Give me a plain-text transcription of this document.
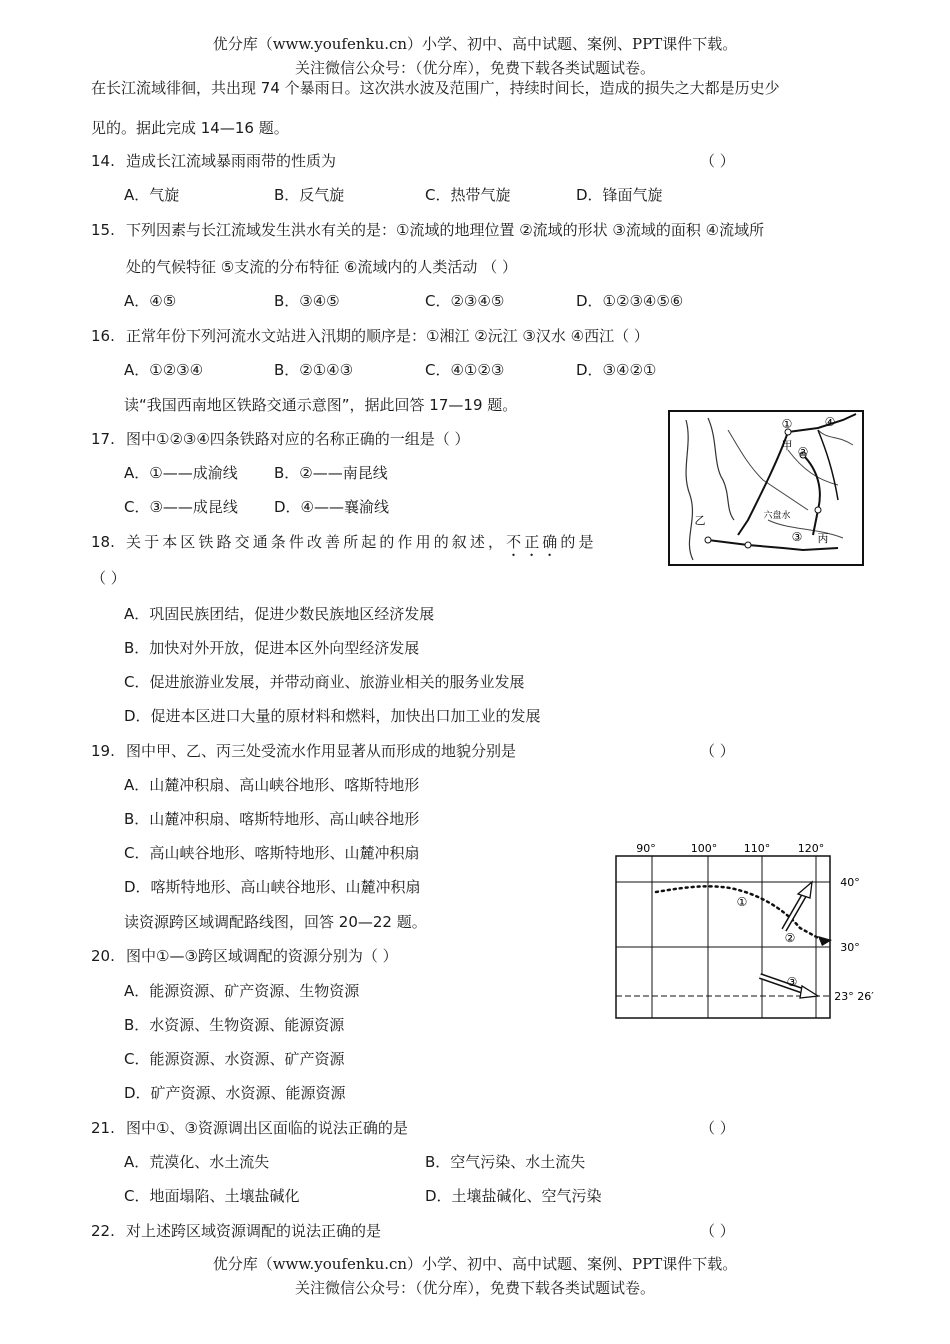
优分库（www.youfenku.cn）小学、初中、高中试题、案例、PPT课件下载。
关注微信公众号：（优分库），免费下载各类试题试卷。
在长江流域徘徊，共出现 74 个暴雨日。这次洪水波及范围广，持续时间长，造成的损失之大都是历史少
见的。据此完成 14—16 题。
14. 造成长江流域暴雨雨带的性质为	（ ）
A．气旋	B．反气旋	C．热带气旋	D．锋面气旋
15. 下列因素与长江流域发生洪水有关的是：①流域的地理位置 ②流域的形状 ③流域的面积 ④流域所
处的气候特征 ⑤支流的分布特征 ⑥流域内的人类活动 （ ）
A．④⑤	B．③④⑤	C．②③④⑤	D．①②③④⑤⑥
16. 正常年份下列河流水文站进入汛期的顺序是：①湘江 ②沅江 ③汉水 ④西江（ ）
A．①②③④	B．②①④③	C．④①②③	D．③④②①
读“我国西南地区铁路交通示意图”，据此回答 17—19 题。
17. 图中①②③④四条铁路对应的名称正确的一组是（ ）
A．①——成渝线 B．②——南昆线
C．③——成昆线 D．④——襄渝线
①
②
③
④
甲
乙
丙
六盘水
18. 关于本区铁路交通条件改善所起的作用的叙述，不正确的是
（ ）
A．巩固民族团结，促进少数民族地区经济发展
B．加快对外开放，促进本区外向型经济发展
C．促进旅游业发展，并带动商业、旅游业相关的服务业发展
D．促进本区进口大量的原材料和燃料，加快出口加工业的发展
19. 图中甲、乙、丙三处受流水作用显著从而形成的地貌分别是	（ ）
A．山麓冲积扇、高山峡谷地形、喀斯特地形
B．山麓冲积扇、喀斯特地形、高山峡谷地形
C．高山峡谷地形、喀斯特地形、山麓冲积扇
D．喀斯特地形、高山峡谷地形、山麓冲积扇
读资源跨区域调配路线图，回答 20—22 题。
90°	100° 110°	120°
40°
30°
23° 26′
①
②
③
20. 图中①—③跨区域调配的资源分别为（ ）
A．能源资源、矿产资源、生物资源
B．水资源、生物资源、能源资源
C．能源资源、水资源、矿产资源
D．矿产资源、水资源、能源资源
21. 图中①、③资源调出区面临的说法正确的是	（ ）
A．荒漠化、水土流失	B．空气污染、水土流失
C．地面塌陷、土壤盐碱化	D．土壤盐碱化、空气污染
22. 对上述跨区域资源调配的说法正确的是	（ ）
优分库（www.youfenku.cn）小学、初中、高中试题、案例、PPT课件下载。
关注微信公众号：（优分库），免费下载各类试题试卷。
